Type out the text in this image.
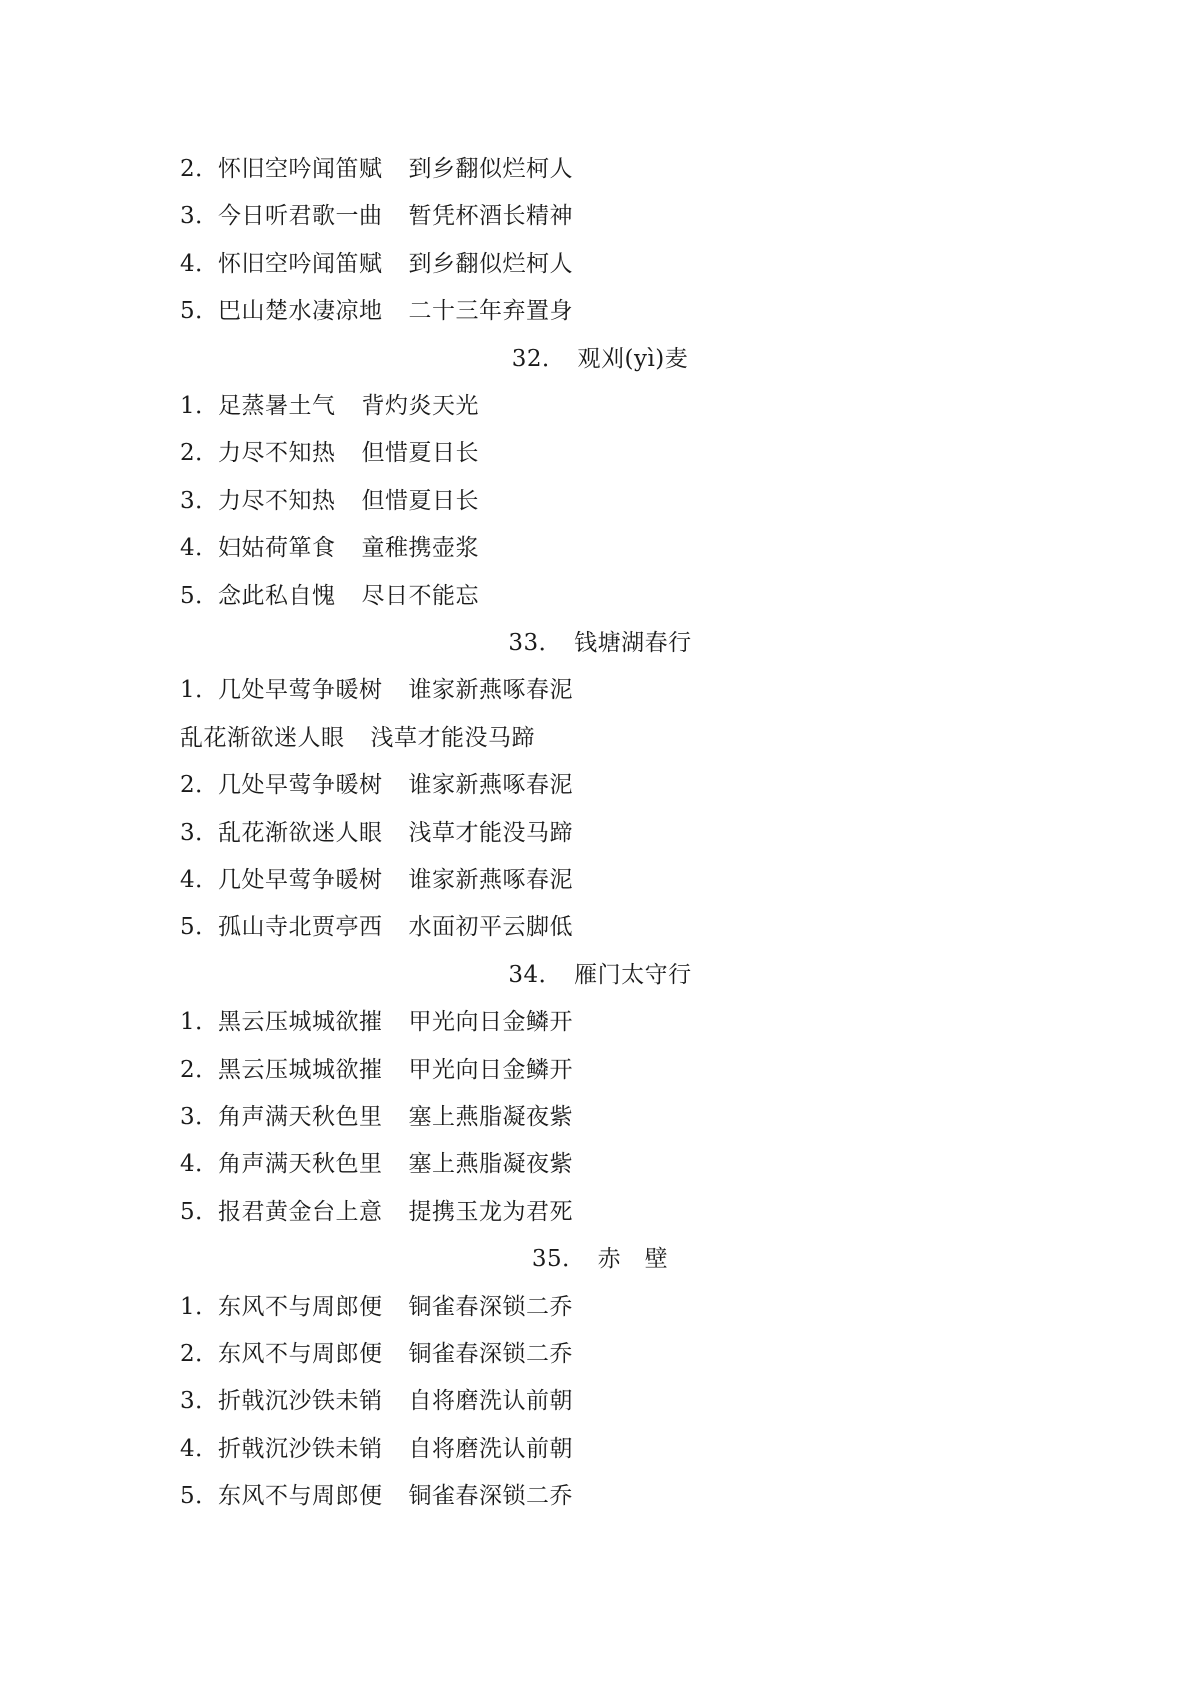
2．怀旧空吟闻笛赋 到乡翻似烂柯人
3．今日听君歌一曲 暂凭杯酒长精神
4．怀旧空吟闻笛赋 到乡翻似烂柯人
5．巴山楚水凄凉地 二十三年弃置身
32． 观刈(yì)麦
1．足蒸暑土气 背灼炎天光
2．力尽不知热 但惜夏日长
3．力尽不知热 但惜夏日长
4．妇姑荷箪食 童稚携壶浆
5．念此私自愧 尽日不能忘
33． 钱塘湖春行
1．几处早莺争暖树 谁家新燕啄春泥
乱花渐欲迷人眼 浅草才能没马蹄
2．几处早莺争暖树 谁家新燕啄春泥
3．乱花渐欲迷人眼 浅草才能没马蹄
4．几处早莺争暖树 谁家新燕啄春泥
5．孤山寺北贾亭西 水面初平云脚低
34． 雁门太守行
1．黑云压城城欲摧 甲光向日金鳞开
2．黑云压城城欲摧 甲光向日金鳞开
3．角声满天秋色里 塞上燕脂凝夜紫
4．角声满天秋色里 塞上燕脂凝夜紫
5．报君黄金台上意 提携玉龙为君死
35． 赤　壁
1．东风不与周郎便 铜雀春深锁二乔
2．东风不与周郎便 铜雀春深锁二乔
3．折戟沉沙铁未销 自将磨洗认前朝
4．折戟沉沙铁未销 自将磨洗认前朝
5．东风不与周郎便 铜雀春深锁二乔
